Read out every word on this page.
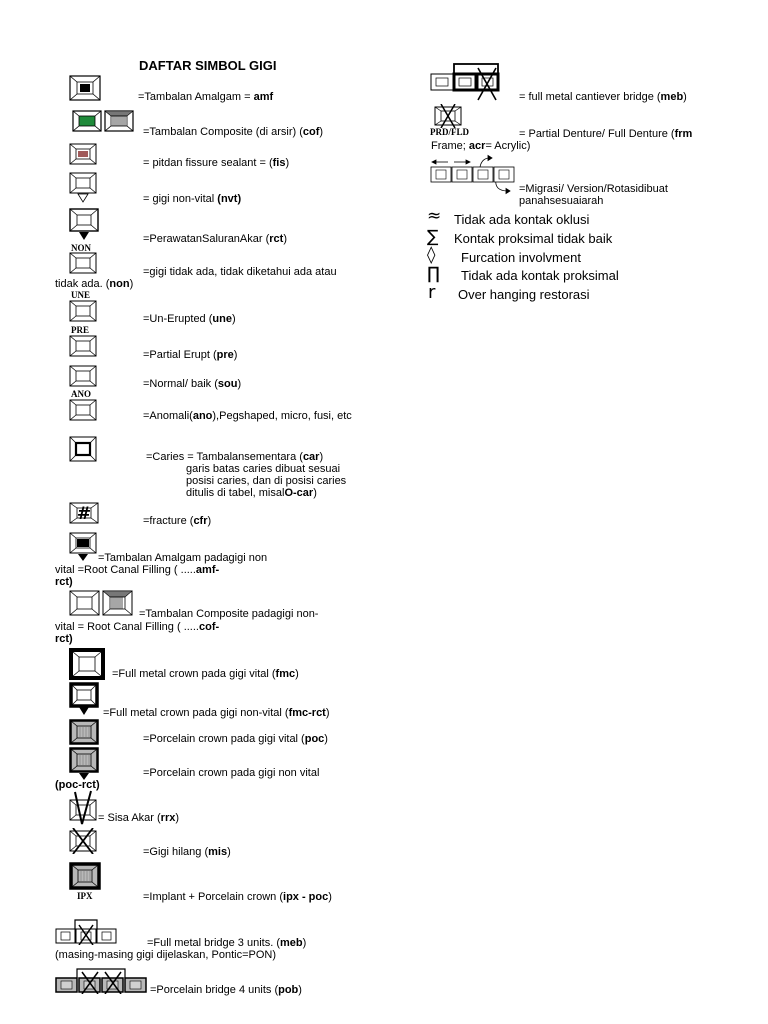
DAFTAR SIMBOL GIGI
NON
UNE
PRE
ANO
#
IPX
=Tambalan Amalgam = amf
=Tambalan Composite (di arsir) (cof)
= pitdan fissure sealant = (fis)
= gigi non-vital (nvt)
=PerawatanSaluranAkar (rct)
=gigi tidak ada, tidak diketahui ada atau
tidak ada. (non)
=Un-Erupted (une)
=Partial Erupt (pre)
=Normal/ baik (sou)
=Anomali(ano),Pegshaped, micro, fusi, etc
=Caries = Tambalansementara (car)
garis batas caries dibuat sesuai
posisi caries, dan di posisi caries
ditulis di tabel, misalO-car)
=fracture (cfr)
=Tambalan Amalgam padagigi non
vital =Root Canal Filling ( .....amf-
rct)
=Tambalan Composite padagigi non-
vital = Root Canal Filling ( .....cof-
rct)
=Full metal crown pada gigi vital (fmc)
=Full metal crown pada gigi non-vital (fmc-rct)
=Porcelain crown pada gigi vital (poc)
=Porcelain crown pada gigi non vital
(poc-rct)
= Sisa Akar (rrx)
=Gigi hilang (mis)
=Implant + Porcelain crown (ipx - poc)
=Full metal bridge 3 units. (meb)
(masing-masing gigi dijelaskan, Pontic=PON)
=Porcelain bridge 4 units (pob)
= full metal cantiever bridge (meb)
PRD/FLD	= Partial Denture/ Full Denture (frm
Frame; acr= Acrylic)
=Migrasi/ Version/Rotasidibuat
panahsesuaiarah
≈ Tidak ada kontak oklusi
∑ Kontak proksimal tidak baik
◊ Furcation involvment
∏ Tidak ada kontak proksimal
r Over hanging restorasi
